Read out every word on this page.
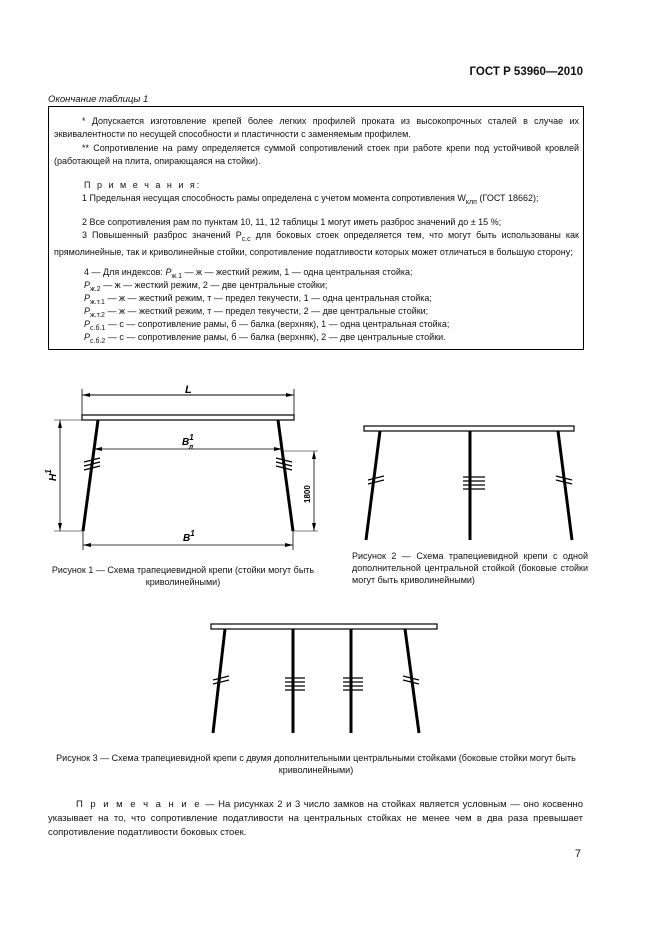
ГОСТ Р 53960—2010
Окончание таблицы 1
* Допускается изготовление крепей более легких профилей проката из высокопрочных сталей в случае их эквивалентности по несущей способности и пластичности с заменяемым профилем.
** Сопротивление на раму определяется суммой сопротивлений стоек при работе крепи под устойчивой кровлей (работающей на плита, опирающаяся на стойки).
П р и м е ч а н и я:
1 Предельная несущая способность рамы определена с учетом момента сопротивления $W_{клп}$ (ГОСТ 18662);
2 Все сопротивления рам по пунктам 10, 11, 12 таблицы 1 могут иметь разброс значений до ± 15 %;
3 Повышенный разброс значений $P_{с.с}$ для боковых стоек определяется тем, что могут быть использованы как прямолинейные, так и криволинейные стойки, сопротивление податливости которых может отличаться в большую сторону;
4 — Для индексов: $P_{ж.1}$ — ж — жесткий режим, 1 — одна центральная стойка;
$P_{ж.2}$ — ж — жесткий режим, 2 — две центральные стойки;
$P_{ж.т.1}$ — ж — жесткий режим, т — предел текучести, 1 — одна центральная стойка;
$P_{ж.т.2}$ — ж — жесткий режим, т — предел текучести, 2 — две центральные стойки;
$P_{с.б.1}$ — с — сопротивление рамы, б — балка (верхняк), 1 — одна центральная стойка;
$P_{с.б.2}$ — с — сопротивление рамы, б — балка (верхняк), 2 — две центральные стойки.
L
$B^1$ л
$B^1$
$H^1$
1800
Рисунок 1 — Схема трапециевидной крепи (стойки могут быть криволинейными)
Рисунок 2 — Схема трапециевидной крепи с одной дополнительной центральной стойкой (боковые стойки могут быть криволинейными)
Рисунок 3 — Схема трапециевидной крепи с двумя дополнительными центральными стойками (боковые стойки могут быть криволинейными)
П р и м е ч а н и е — На рисунках 2 и 3 число замков на стойках является условным — оно косвенно указывает на то, что сопротивление податливости на центральных стойках не менее чем в два раза превышает сопротивление податливости боковых стоек.
7
